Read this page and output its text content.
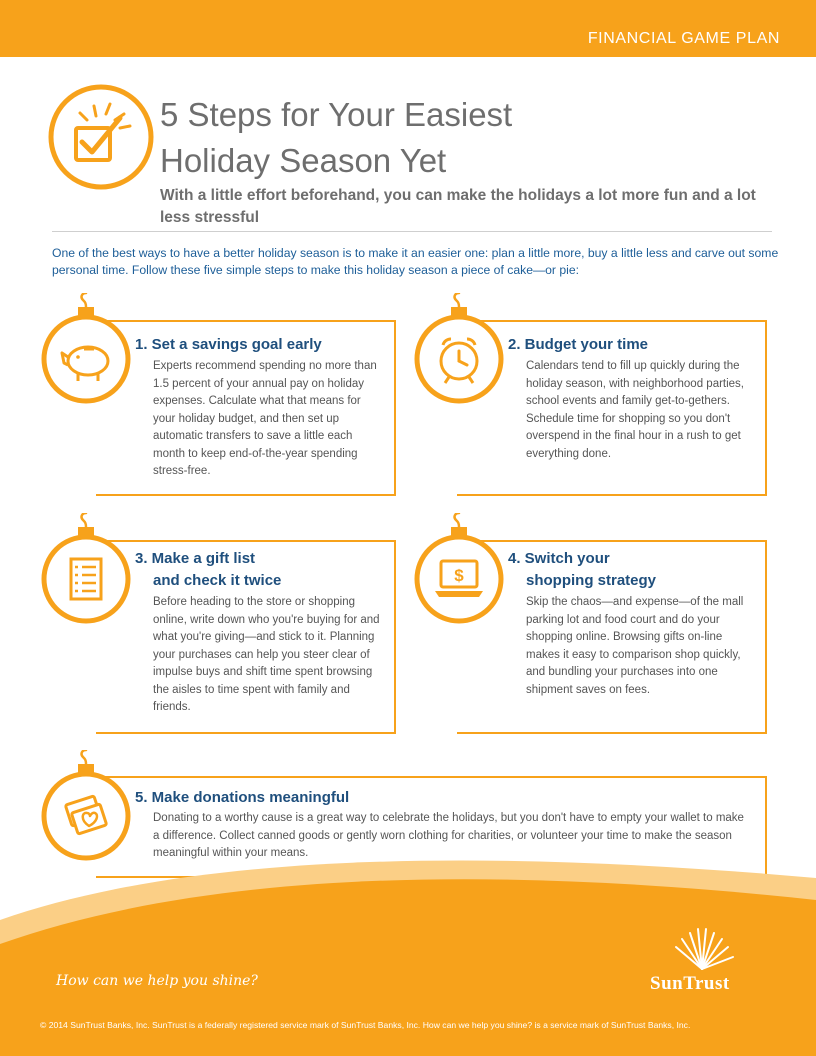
FINANCIAL GAME PLAN
5 Steps for Your Easiest
Holiday Season Yet
With a little effort beforehand, you can make the holidays a lot more fun and a lot less stressful
One of the best ways to have a better holiday season is to make it an easier one: plan a little more, buy a little less and carve out some personal time. Follow these five simple steps to make this holiday season a piece of cake—or pie:
1. Set a savings goal early
Experts recommend spending no more than 1.5 percent of your annual pay on holiday expenses. Calculate what that means for your holiday budget, and then set up automatic transfers to save a little each month to keep end-of-the-year spending stress-free.
2. Budget your time
Calendars tend to fill up quickly during the holiday season, with neighborhood parties, school events and family get-to-gethers. Schedule time for shopping so you don't overspend in the final hour in a rush to get everything done.
3. Make a gift list
and check it twice
Before heading to the store or shopping online, write down who you're buying for and what you're giving—and stick to it. Planning your purchases can help you steer clear of impulse buys and shift time spent browsing the aisles to time spent with family and friends.
$
4. Switch your
shopping strategy
Skip the chaos—and expense—of the mall parking lot and food court and do your shopping online. Browsing gifts on-line makes it easy to comparison shop quickly, and bundling your purchases into one shipment saves on fees.
5. Make donations meaningful
Donating to a worthy cause is a great way to celebrate the holidays, but you don't have to empty your wallet to make a difference. Collect canned goods or gently worn clothing for charities, or volunteer your time to make the season meaningful within your means.
How can we help you shine?	SunTrust
© 2014 SunTrust Banks, Inc. SunTrust is a federally registered service mark of SunTrust Banks, Inc. How can we help you shine? is a service mark of SunTrust Banks, Inc.
